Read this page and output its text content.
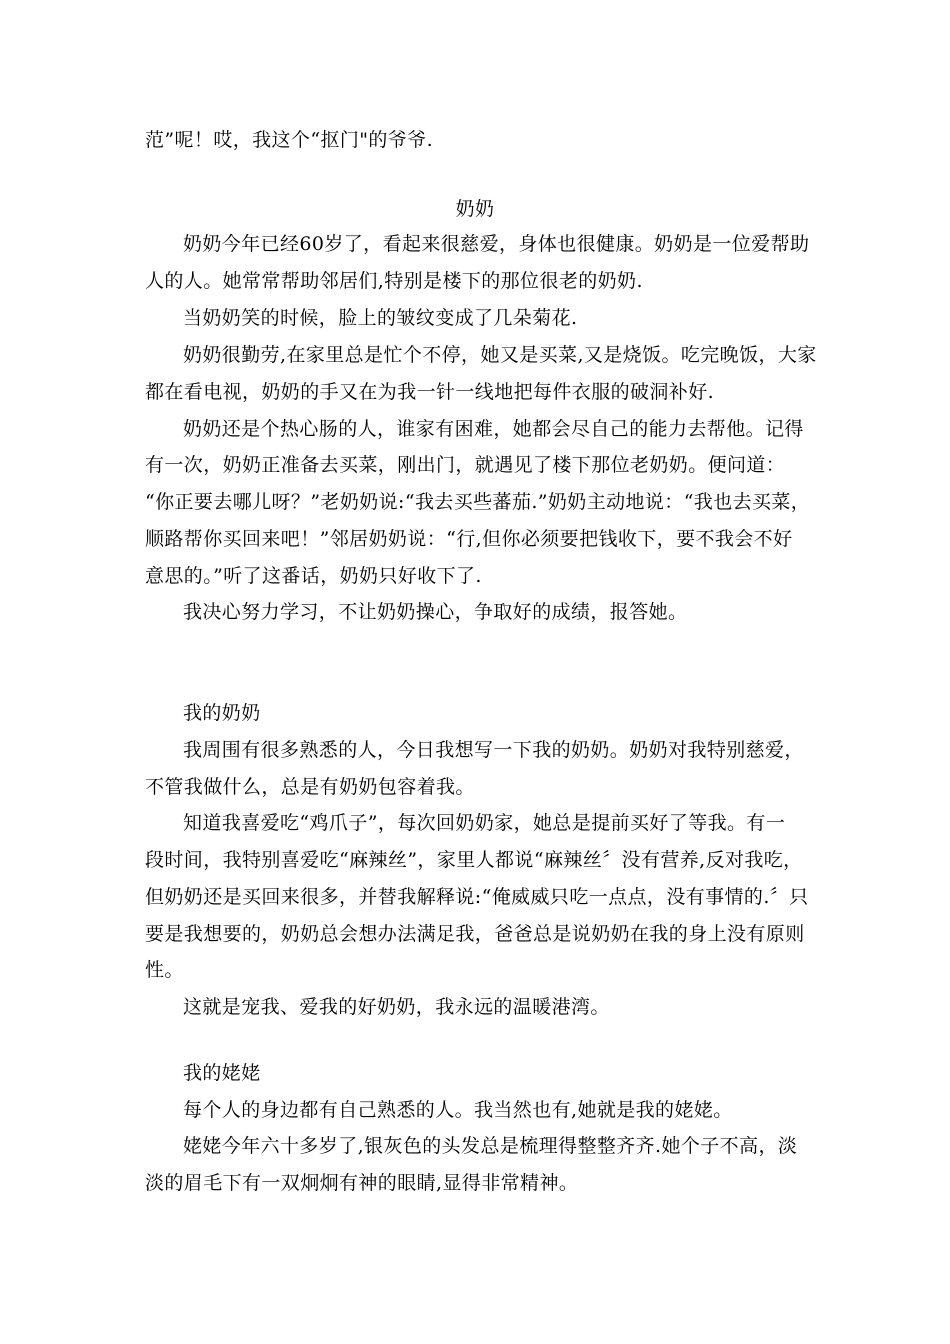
范”呢！哎，我这个“抠门"的爷爷.
奶奶
奶奶今年已经60岁了，看起来很慈爱，身体也很健康。奶奶是一位爱帮助
人的人。她常常帮助邻居们,特别是楼下的那位很老的奶奶.
当奶奶笑的时候，脸上的皱纹变成了几朵菊花.
奶奶很勤劳,在家里总是忙个不停，她又是买菜,又是烧饭。吃完晚饭，大家
都在看电视，奶奶的手又在为我一针一线地把每件衣服的破洞补好.
奶奶还是个热心肠的人，谁家有困难，她都会尽自己的能力去帮他。记得
有一次，奶奶正准备去买菜，刚出门，就遇见了楼下那位老奶奶。便问道：
“你正要去哪儿呀？”老奶奶说:“我去买些蕃茄.”奶奶主动地说：“我也去买菜，
顺路帮你买回来吧！”邻居奶奶说：“行,但你必须要把钱收下，要不我会不好
意思的。”听了这番话，奶奶只好收下了.
我决心努力学习，不让奶奶操心，争取好的成绩，报答她。
我的奶奶
我周围有很多熟悉的人，今日我想写一下我的奶奶。奶奶对我特别慈爱，
不管我做什么，总是有奶奶包容着我。
知道我喜爱吃“鸡爪子”，每次回奶奶家，她总是提前买好了等我。有一
段时间，我特别喜爱吃“麻辣丝”，家里人都说“麻辣丝〞没有营养,反对我吃，
但奶奶还是买回来很多，并替我解释说:“俺威威只吃一点点，没有事情的.〞只
要是我想要的，奶奶总会想办法满足我，爸爸总是说奶奶在我的身上没有原则
性。
这就是宠我、爱我的好奶奶，我永远的温暖港湾。
我的姥姥
每个人的身边都有自己熟悉的人。我当然也有,她就是我的姥姥。
姥姥今年六十多岁了,银灰色的头发总是梳理得整整齐齐.她个子不高，淡
淡的眉毛下有一双炯炯有神的眼睛,显得非常精神。
